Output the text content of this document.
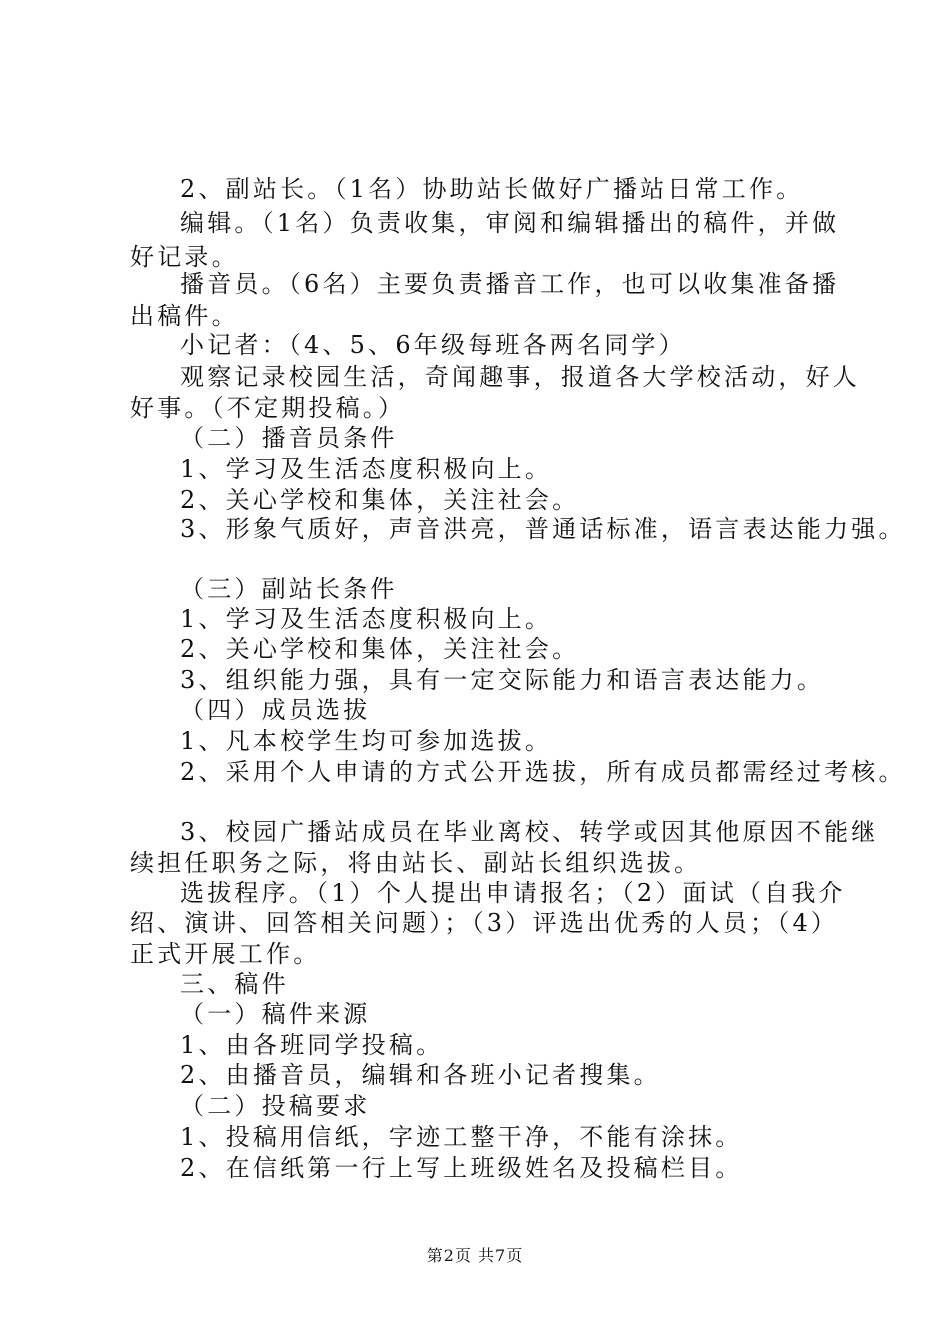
2、副站长。（1名）协助站长做好广播站日常工作。
编辑。（1名）负责收集，审阅和编辑播出的稿件，并做
好记录。
播音员。（6名）主要负责播音工作，也可以收集准备播
出稿件。
小记者：（4、5、6年级每班各两名同学）
观察记录校园生活，奇闻趣事，报道各大学校活动，好人
好事。（不定期投稿。）
（二）播音员条件
1、学习及生活态度积极向上。
2、关心学校和集体，关注社会。
3、形象气质好，声音洪亮，普通话标准，语言表达能力强。
（三）副站长条件
1、学习及生活态度积极向上。
2、关心学校和集体，关注社会。
3、组织能力强，具有一定交际能力和语言表达能力。
（四）成员选拔
1、凡本校学生均可参加选拔。
2、采用个人申请的方式公开选拔，所有成员都需经过考核。
3、校园广播站成员在毕业离校、转学或因其他原因不能继
续担任职务之际，将由站长、副站长组织选拔。
选拔程序。（1）个人提出申请报名；（2）面试（自我介
绍、演讲、回答相关问题）；（3）评选出优秀的人员；（4）
正式开展工作。
三、稿件
（一）稿件来源
1、由各班同学投稿。
2、由播音员，编辑和各班小记者搜集。
（二）投稿要求
1、投稿用信纸，字迹工整干净，不能有涂抹。
2、在信纸第一行上写上班级姓名及投稿栏目。
第2页 共7页
